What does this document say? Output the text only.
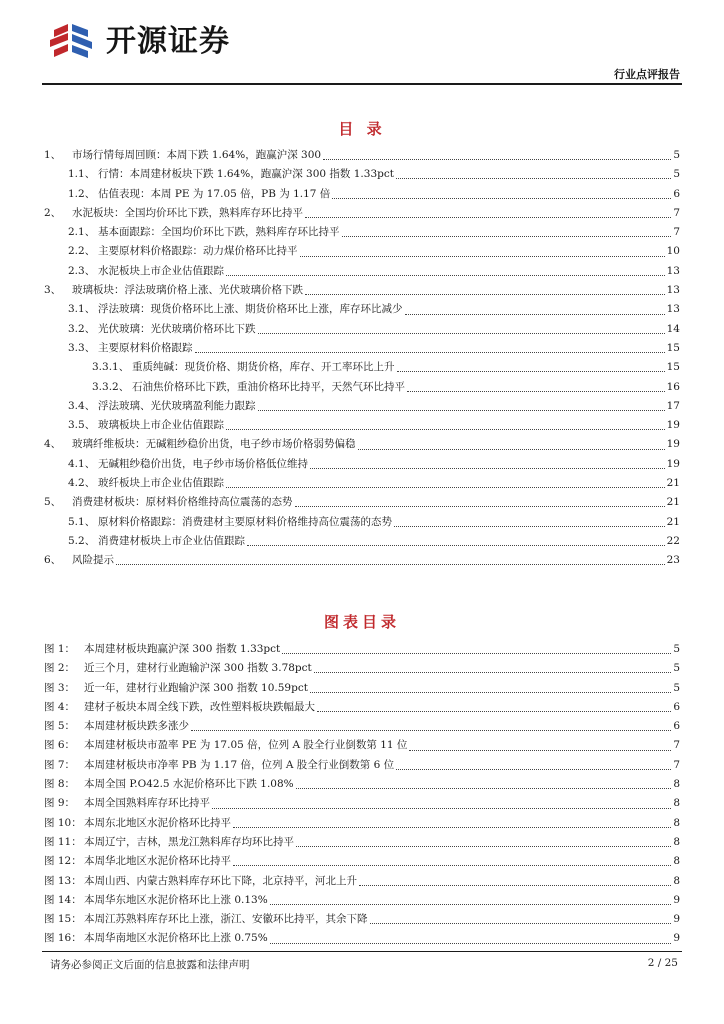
开源证券
行业点评报告
目 录
1、	市场行情每周回顾：本周下跌 1.64%，跑赢沪深 300	5
1.1、 行情：本周建材板块下跌 1.64%，跑赢沪深 300 指数 1.33pct	5
1.2、 估值表现：本周 PE 为 17.05 倍，PB 为 1.17 倍	6
2、	水泥板块：全国均价环比下跌，熟料库存环比持平	7
2.1、 基本面跟踪：全国均价环比下跌，熟料库存环比持平	7
2.2、 主要原材料价格跟踪：动力煤价格环比持平	10
2.3、 水泥板块上市企业估值跟踪	13
3、	玻璃板块：浮法玻璃价格上涨、光伏玻璃价格下跌	13
3.1、 浮法玻璃：现货价格环比上涨、期货价格环比上涨，库存环比减少	13
3.2、 光伏玻璃：光伏玻璃价格环比下跌	14
3.3、 主要原材料价格跟踪	15
3.3.1、 重质纯碱：现货价格、期货价格，库存、开工率环比上升	15
3.3.2、 石油焦价格环比下跌，重油价格环比持平，天然气环比持平	16
3.4、 浮法玻璃、光伏玻璃盈利能力跟踪	17
3.5、 玻璃板块上市企业估值跟踪	19
4、	玻璃纤维板块：无碱粗纱稳价出货，电子纱市场价格弱势偏稳	19
4.1、 无碱粗纱稳价出货，电子纱市场价格低位维持	19
4.2、 玻纤板块上市企业估值跟踪	21
5、	消费建材板块：原材料价格维持高位震荡的态势	21
5.1、 原材料价格跟踪：消费建材主要原材料价格维持高位震荡的态势	21
5.2、 消费建材板块上市企业估值跟踪	22
6、	风险提示	23
图表目录
图 1： 本周建材板块跑赢沪深 300 指数 1.33pct	5
图 2： 近三个月，建材行业跑输沪深 300 指数 3.78pct	5
图 3： 近一年，建材行业跑输沪深 300 指数 10.59pct	5
图 4： 建材子板块本周全线下跌，改性塑料板块跌幅最大	6
图 5： 本周建材板块跌多涨少	6
图 6： 本周建材板块市盈率 PE 为 17.05 倍，位列 A 股全行业倒数第 11 位	7
图 7： 本周建材板块市净率 PB 为 1.17 倍，位列 A 股全行业倒数第 6 位	7
图 8： 本周全国 P.O42.5 水泥价格环比下跌 1.08%	8
图 9： 本周全国熟料库存环比持平	8
图 10： 本周东北地区水泥价格环比持平	8
图 11： 本周辽宁，吉林，黑龙江熟料库存均环比持平	8
图 12： 本周华北地区水泥价格环比持平	8
图 13： 本周山西、内蒙古熟料库存环比下降，北京持平，河北上升	8
图 14： 本周华东地区水泥价格环比上涨 0.13%	9
图 15： 本周江苏熟料库存环比上涨，浙江、安徽环比持平，其余下降	9
图 16： 本周华南地区水泥价格环比上涨 0.75%	9
请务必参阅正文后面的信息披露和法律声明	2 / 25
